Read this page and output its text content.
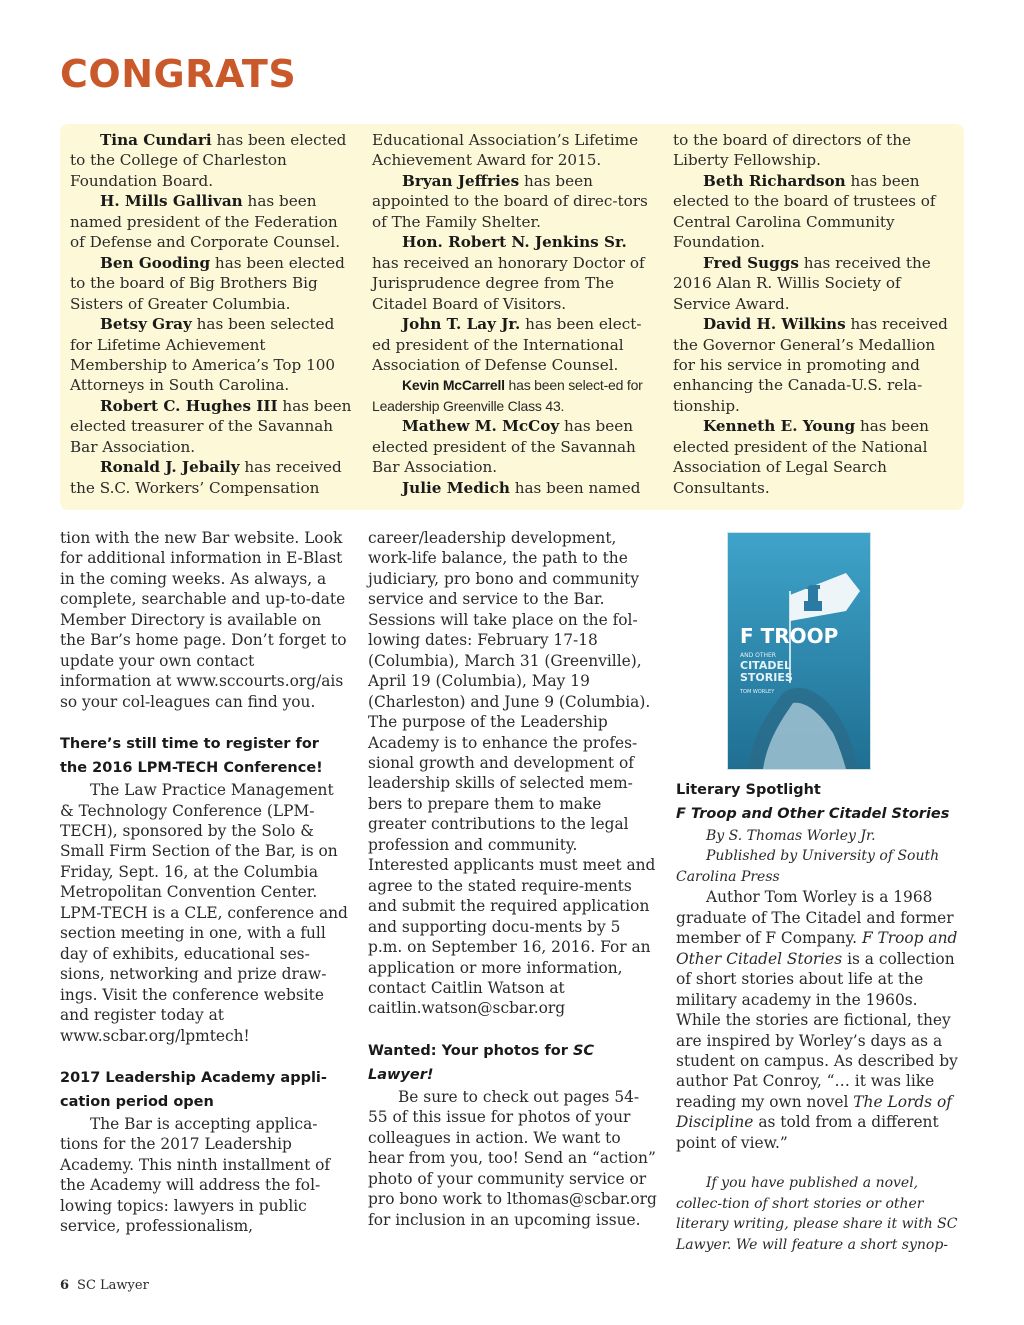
CONGRATS

Tina Cundari has been elected to the College of Charleston Foundation Board.

H. Mills Gallivan has been named president of the Federation of Defense and Corporate Counsel.

Ben Gooding has been elected to the board of Big Brothers Big Sisters of Greater Columbia.

Betsy Gray has been selected for Lifetime Achievement Membership to America’s Top 100 Attorneys in South Carolina.

Robert C. Hughes III has been elected treasurer of the Savannah Bar Association.

Ronald J. Jebaily has received the S.C. Workers’ Compensation

Educational Association’s Lifetime Achievement Award for 2015.

Bryan Jeffries has been appointed to the board of direc-tors of The Family Shelter.

Hon. Robert N. Jenkins Sr. has received an honorary Doctor of Jurisprudence degree from The Citadel Board of Visitors.

John T. Lay Jr. has been elect-ed president of the International Association of Defense Counsel.

Kevin McCarrell has been select-ed for Leadership Greenville Class 43.

Mathew M. McCoy has been elected president of the Savannah Bar Association.

Julie Medich has been named

to the board of directors of the Liberty Fellowship.

Beth Richardson has been elected to the board of trustees of Central Carolina Community Foundation.

Fred Suggs has received the 2016 Alan R. Willis Society of Service Award.

David H. Wilkins has received the Governor General’s Medallion for his service in promoting and enhancing the Canada-U.S. rela-tionship.

Kenneth E. Young has been elected president of the National Association of Legal Search Consultants.

tion with the new Bar website. Look for additional information in E-Blast in the coming weeks. As always, a complete, searchable and up-to-date Member Directory is available on the Bar’s home page. Don’t forget to update your own contact information at www.sccourts.org/ais so your col-leagues can find you.

There’s still time to register for the 2016 LPM-TECH Conference!

The Law Practice Management & Technology Conference (LPM-TECH), sponsored by the Solo & Small Firm Section of the Bar, is on Friday, Sept. 16, at the Columbia Metropolitan Convention Center. LPM-TECH is a CLE, conference and section meeting in one, with a full day of exhibits, educational ses-sions, networking and prize draw-ings. Visit the conference website and register today at www.scbar.org/lpmtech!

2017 Leadership Academy appli-cation period open

The Bar is accepting applica-tions for the 2017 Leadership Academy. This ninth installment of the Academy will address the fol-lowing topics: lawyers in public service, professionalism,

career/leadership development, work-life balance, the path to the judiciary, pro bono and community service and service to the Bar. Sessions will take place on the fol-lowing dates: February 17-18 (Columbia), March 31 (Greenville), April 19 (Columbia), May 19 (Charleston) and June 9 (Columbia). The purpose of the Leadership Academy is to enhance the profes-sional growth and development of leadership skills of selected mem-bers to prepare them to make greater contributions to the legal profession and community. Interested applicants must meet and agree to the stated require-ments and submit the required application and supporting docu-ments by 5 p.m. on September 16, 2016. For an application or more information, contact Caitlin Watson at caitlin.watson@scbar.org

Wanted: Your photos for SC Lawyer!

Be sure to check out pages 54-55 of this issue for photos of your colleagues in action. We want to hear from you, too! Send an “action” photo of your community service or pro bono work to lthomas@scbar.org for inclusion in an upcoming issue.

F TROOP
AND OTHER
CITADEL
STORIES
TOM WORLEY
Literary Spotlight
F Troop and Other Citadel Stories

By S. Thomas Worley Jr.

Published by University of South Carolina Press

Author Tom Worley is a 1968 graduate of The Citadel and former member of F Company. F Troop and Other Citadel Stories is a collection of short stories about life at the military academy in the 1960s. While the stories are fictional, they are inspired by Worley’s days as a student on campus. As described by author Pat Conroy, “… it was like reading my own novel The Lords of Discipline as told from a different point of view.”

If you have published a novel, collec-tion of short stories or other literary writing, please share it with SC Lawyer. We will feature a short synop-

6 SC Lawyer
